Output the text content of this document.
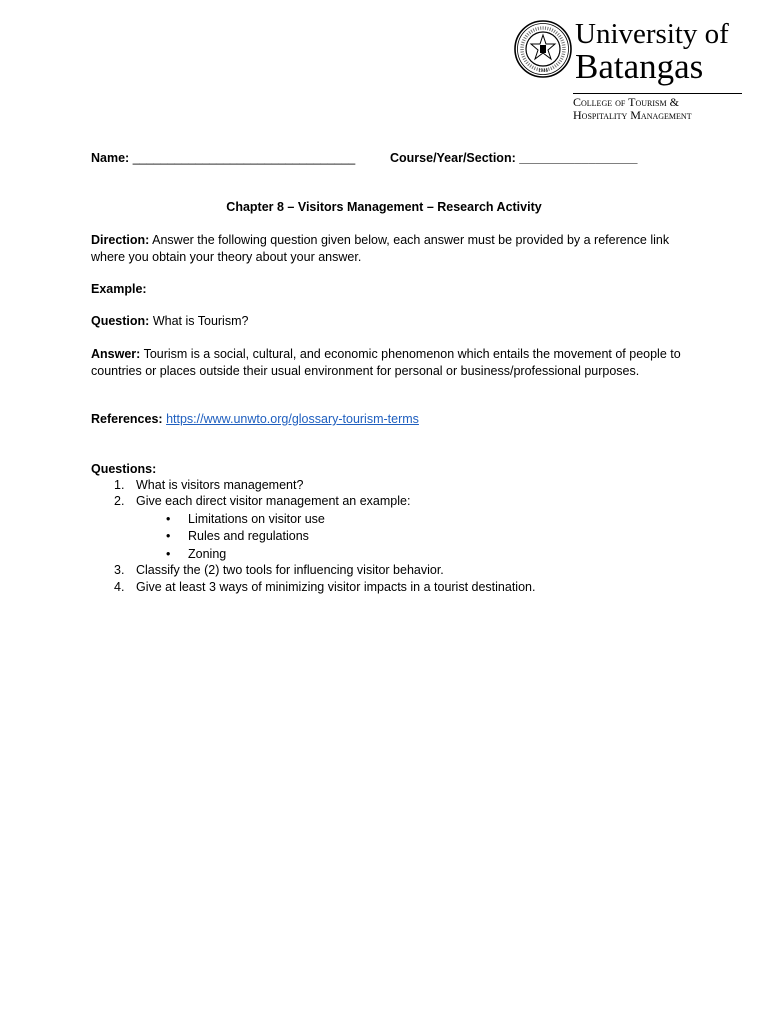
1946
University of
Batangas
College of Tourism &
Hospitality Management
Name: ________________________________	Course/Year/Section: _________________
Chapter 8 – Visitors Management – Research Activity
Direction: Answer the following question given below, each answer must be provided by a reference link where you obtain your theory about your answer.
Example:
Question: What is Tourism?
Answer: Tourism is a social, cultural, and economic phenomenon which entails the movement of people to countries or places outside their usual environment for personal or business/professional purposes.
References: https://www.unwto.org/glossary-tourism-terms
Questions:
1. What is visitors management?
2. Give each direct visitor management an example:
• Limitations on visitor use
• Rules and regulations
• Zoning
3. Classify the (2) two tools for influencing visitor behavior.
4. Give at least 3 ways of minimizing visitor impacts in a tourist destination.
